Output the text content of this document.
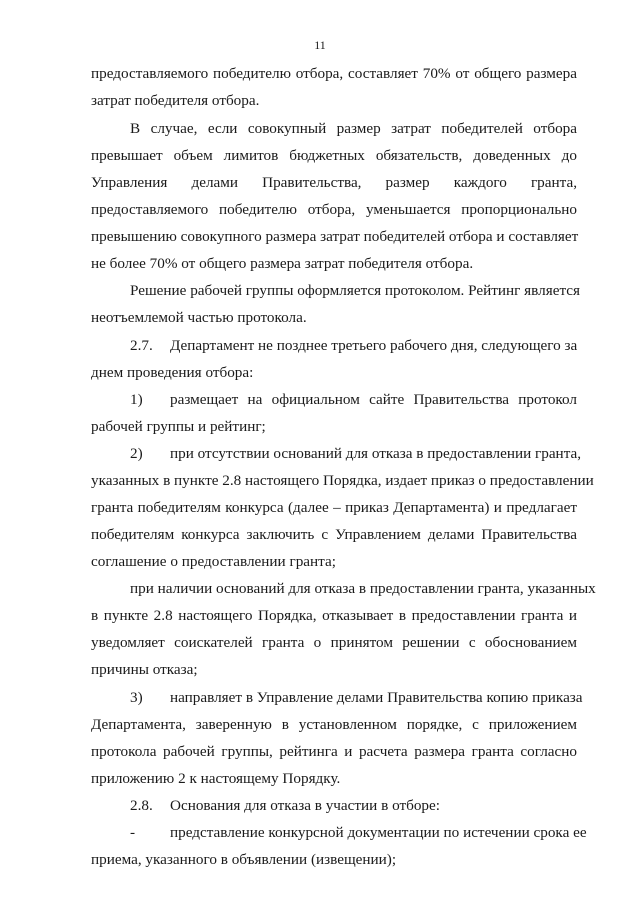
11
предоставляемого победителю отбора, составляет 70% от общего размера
затрат победителя отбора.
В случае, если совокупный размер затрат победителей отбора
превышает объем лимитов бюджетных обязательств, доведенных до
Управления делами Правительства, размер каждого гранта,
предоставляемого победителю отбора, уменьшается пропорционально
превышению совокупного размера затрат победителей отбора и составляет
не более 70% от общего размера затрат победителя отбора.
Решение рабочей группы оформляется протоколом. Рейтинг является
неотъемлемой частью протокола.
2.7. Департамент не позднее третьего рабочего дня, следующего за
днем проведения отбора:
1) размещает на официальном сайте Правительства протокол
рабочей группы и рейтинг;
2) при отсутствии оснований для отказа в предоставлении гранта,
указанных в пункте 2.8 настоящего Порядка, издает приказ о предоставлении
гранта победителям конкурса (далее – приказ Департамента) и предлагает
победителям конкурса заключить с Управлением делами Правительства
соглашение о предоставлении гранта;
при наличии оснований для отказа в предоставлении гранта, указанных
в пункте 2.8 настоящего Порядка, отказывает в предоставлении гранта и
уведомляет соискателей гранта о принятом решении с обоснованием
причины отказа;
3) направляет в Управление делами Правительства копию приказа
Департамента, заверенную в установленном порядке, с приложением
протокола рабочей группы, рейтинга и расчета размера гранта согласно
приложению 2 к настоящему Порядку.
2.8. Основания для отказа в участии в отборе:
- представление конкурсной документации по истечении срока ее
приема, указанного в объявлении (извещении);
